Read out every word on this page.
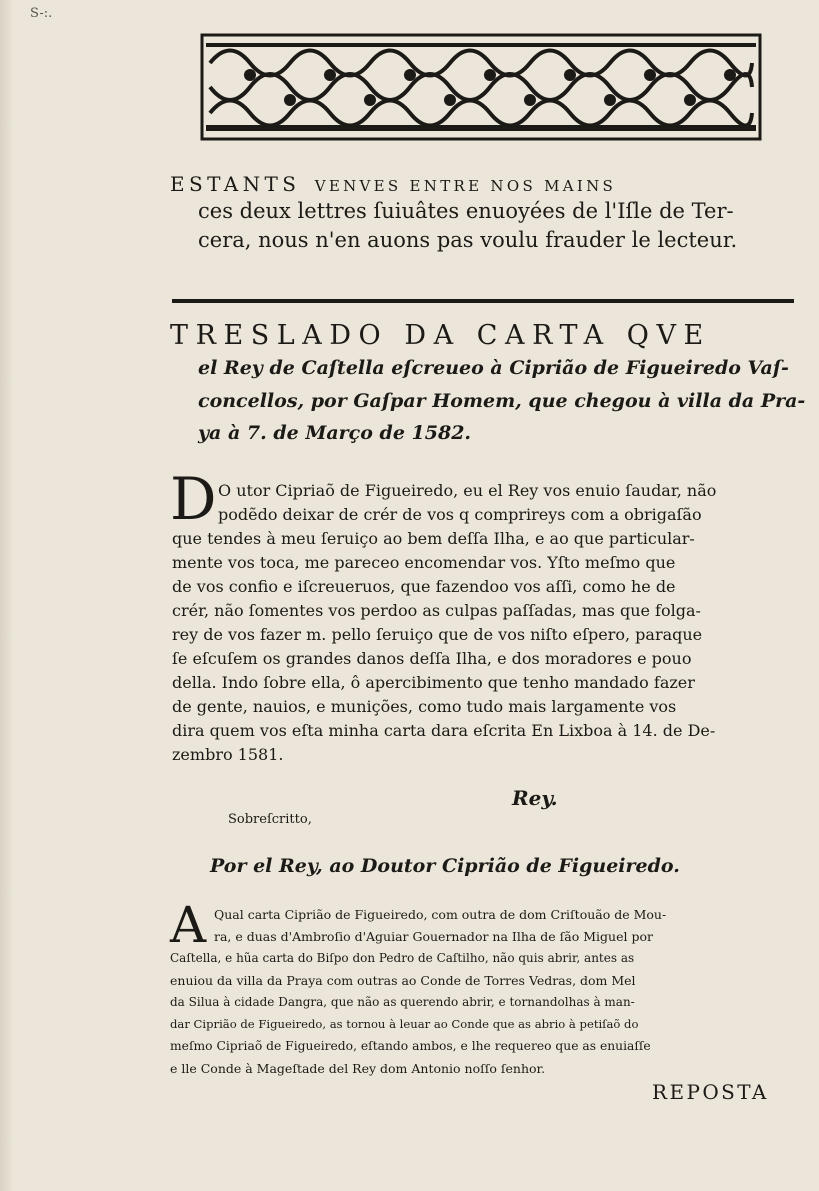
S-:.
ESTANTS VENVES ENTRE NOS MAINS
ces deux lettres ſuiuâtes enuoyées de l'Iſle de Ter-
cera, nous n'en auons pas voulu frauder le lecteur.
TRESLADO DA CARTA QVE
el Rey de Caſtella eſcreueo à Ciprião de Figueiredo Vaſ-
concellos, por Gaſpar Homem, que chegou à villa da Pra-
ya à 7. de Março de 1582.
D O utor Cipriaõ de Figueiredo, eu el Rey vos enuio ſaudar, não
podẽdo deixar de crér de vos q comprireys com a obrigaſão
que tendes à meu ſeruiço ao bem deſſa Ilha, e ao que particular-
mente vos toca, me pareceo encomendar vos. Yſto meſmo que
de vos confio e iſcreueruos, que fazendoo vos aſſi, como he de
crér, não ſomentes vos perdoo as culpas paſſadas, mas que folga-
rey de vos fazer m. pello ſeruiço que de vos niſto eſpero, paraque
ſe eſcuſem os grandes danos deſſa Ilha, e dos moradores e pouo
della. Indo ſobre ella, ô apercibimento que tenho mandado fazer
de gente, nauios, e munições, como tudo mais largamente vos
dira quem vos eſta minha carta dara eſcrita En Lixboa à 14. de De-
zembro 1581.
Rey.
Sobreſcritto,
Por el Rey, ao Doutor Ciprião de Figueiredo.
A Qual carta Ciprião de Figueiredo, com outra de dom Criſtouão de Mou-
ra, e duas d'Ambroſio d'Aguiar Gouernador na Ilha de ſão Miguel por
Caſtella, e hũa carta do Biſpo don Pedro de Caſtilho, não quis abrir, antes as
enuiou da villa da Praya com outras ao Conde de Torres Vedras, dom Mel
da Silua à cidade Dangra, que não as querendo abrir, e tornandolhas à man-
dar Ciprião de Figueiredo, as tornou à leuar ao Conde que as abrio à petiſaõ do
meſmo Cipriaõ de Figueiredo, eſtando ambos, e lhe requereo que as enuiaſſe
e lle Conde à Mageſtade del Rey dom Antonio noſſo ſenhor.
REPOSTA
